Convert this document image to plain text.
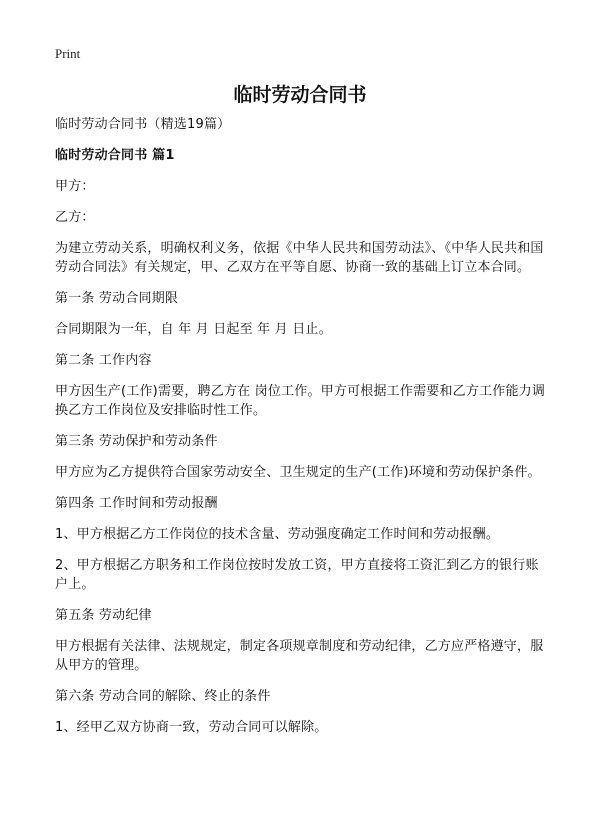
Print
临时劳动合同书

临时劳动合同书（精选19篇）

临时劳动合同书 篇1

甲方：

乙方：

为建立劳动关系，明确权利义务，依据《中华人民共和国劳动法》、《中华人民共和国劳动合同法》有关规定，甲、乙双方在平等自愿、协商一致的基础上订立本合同。

第一条 劳动合同期限

合同期限为一年，自 年 月 日起至 年 月 日止。

第二条 工作内容

甲方因生产(工作)需要，聘乙方在 岗位工作。甲方可根据工作需要和乙方工作能力调换乙方工作岗位及安排临时性工作。

第三条 劳动保护和劳动条件

甲方应为乙方提供符合国家劳动安全、卫生规定的生产(工作)环境和劳动保护条件。

第四条 工作时间和劳动报酬

1、甲方根据乙方工作岗位的技术含量、劳动强度确定工作时间和劳动报酬。

2、甲方根据乙方职务和工作岗位按时发放工资，甲方直接将工资汇到乙方的银行账户上。

第五条 劳动纪律

甲方根据有关法律、法规规定，制定各项规章制度和劳动纪律，乙方应严格遵守，服从甲方的管理。

第六条 劳动合同的解除、终止的条件

1、经甲乙双方协商一致，劳动合同可以解除。
